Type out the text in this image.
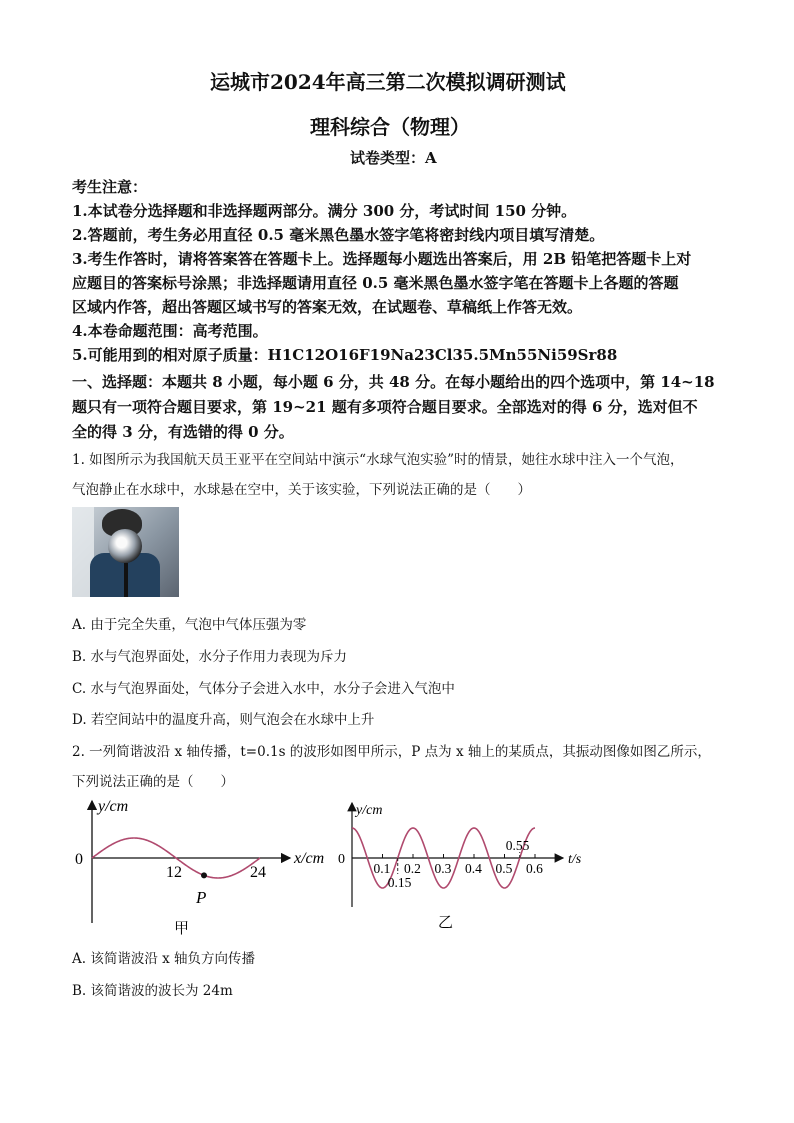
运城市2024年高三第二次模拟调研测试
理科综合（物理）
试卷类型：A
考生注意：
1.本试卷分选择题和非选择题两部分。满分 300 分，考试时间 150 分钟。
2.答题前，考生务必用直径 0.5 毫米黑色墨水签字笔将密封线内项目填写清楚。
3.考生作答时，请将答案答在答题卡上。选择题每小题选出答案后，用 2B 铅笔把答题卡上对
应题目的答案标号涂黑；非选择题请用直径 0.5 毫米黑色墨水签字笔在答题卡上各题的答题
区域内作答，超出答题区域书写的答案无效，在试题卷、草稿纸上作答无效。
4.本卷命题范围：高考范围。
5.可能用到的相对原子质量：H1C12O16F19Na23Cl35.5Mn55Ni59Sr88
一、选择题：本题共 8 小题，每小题 6 分，共 48 分。在每小题给出的四个选项中，第 14~18
题只有一项符合题目要求，第 19~21 题有多项符合题目要求。全部选对的得 6 分，选对但不
全的得 3 分，有选错的得 0 分。
1. 如图所示为我国航天员王亚平在空间站中演示“水球气泡实验”时的情景，她往水球中注入一个气泡，
气泡静止在水球中，水球悬在空中，关于该实验，下列说法正确的是（　　）
A. 由于完全失重，气泡中气体压强为零
B. 水与气泡界面处，水分子作用力表现为斥力
C. 水与气泡界面处，气体分子会进入水中，水分子会进入气泡中
D. 若空间站中的温度升高，则气泡会在水球中上升
2. 一列简谐波沿 x 轴传播，t=0.1s 的波形如图甲所示，P 点为 x 轴上的某质点，其振动图像如图乙所示，
下列说法正确的是（　　）
y/cm
x/cm
0
12	24
P
甲
y/cm
t/s
0
0.1 0.2 0.3 0.4 0.5 0.6
0.15
0.55
乙
A. 该简谐波沿 x 轴负方向传播
B. 该简谐波的波长为 24m
